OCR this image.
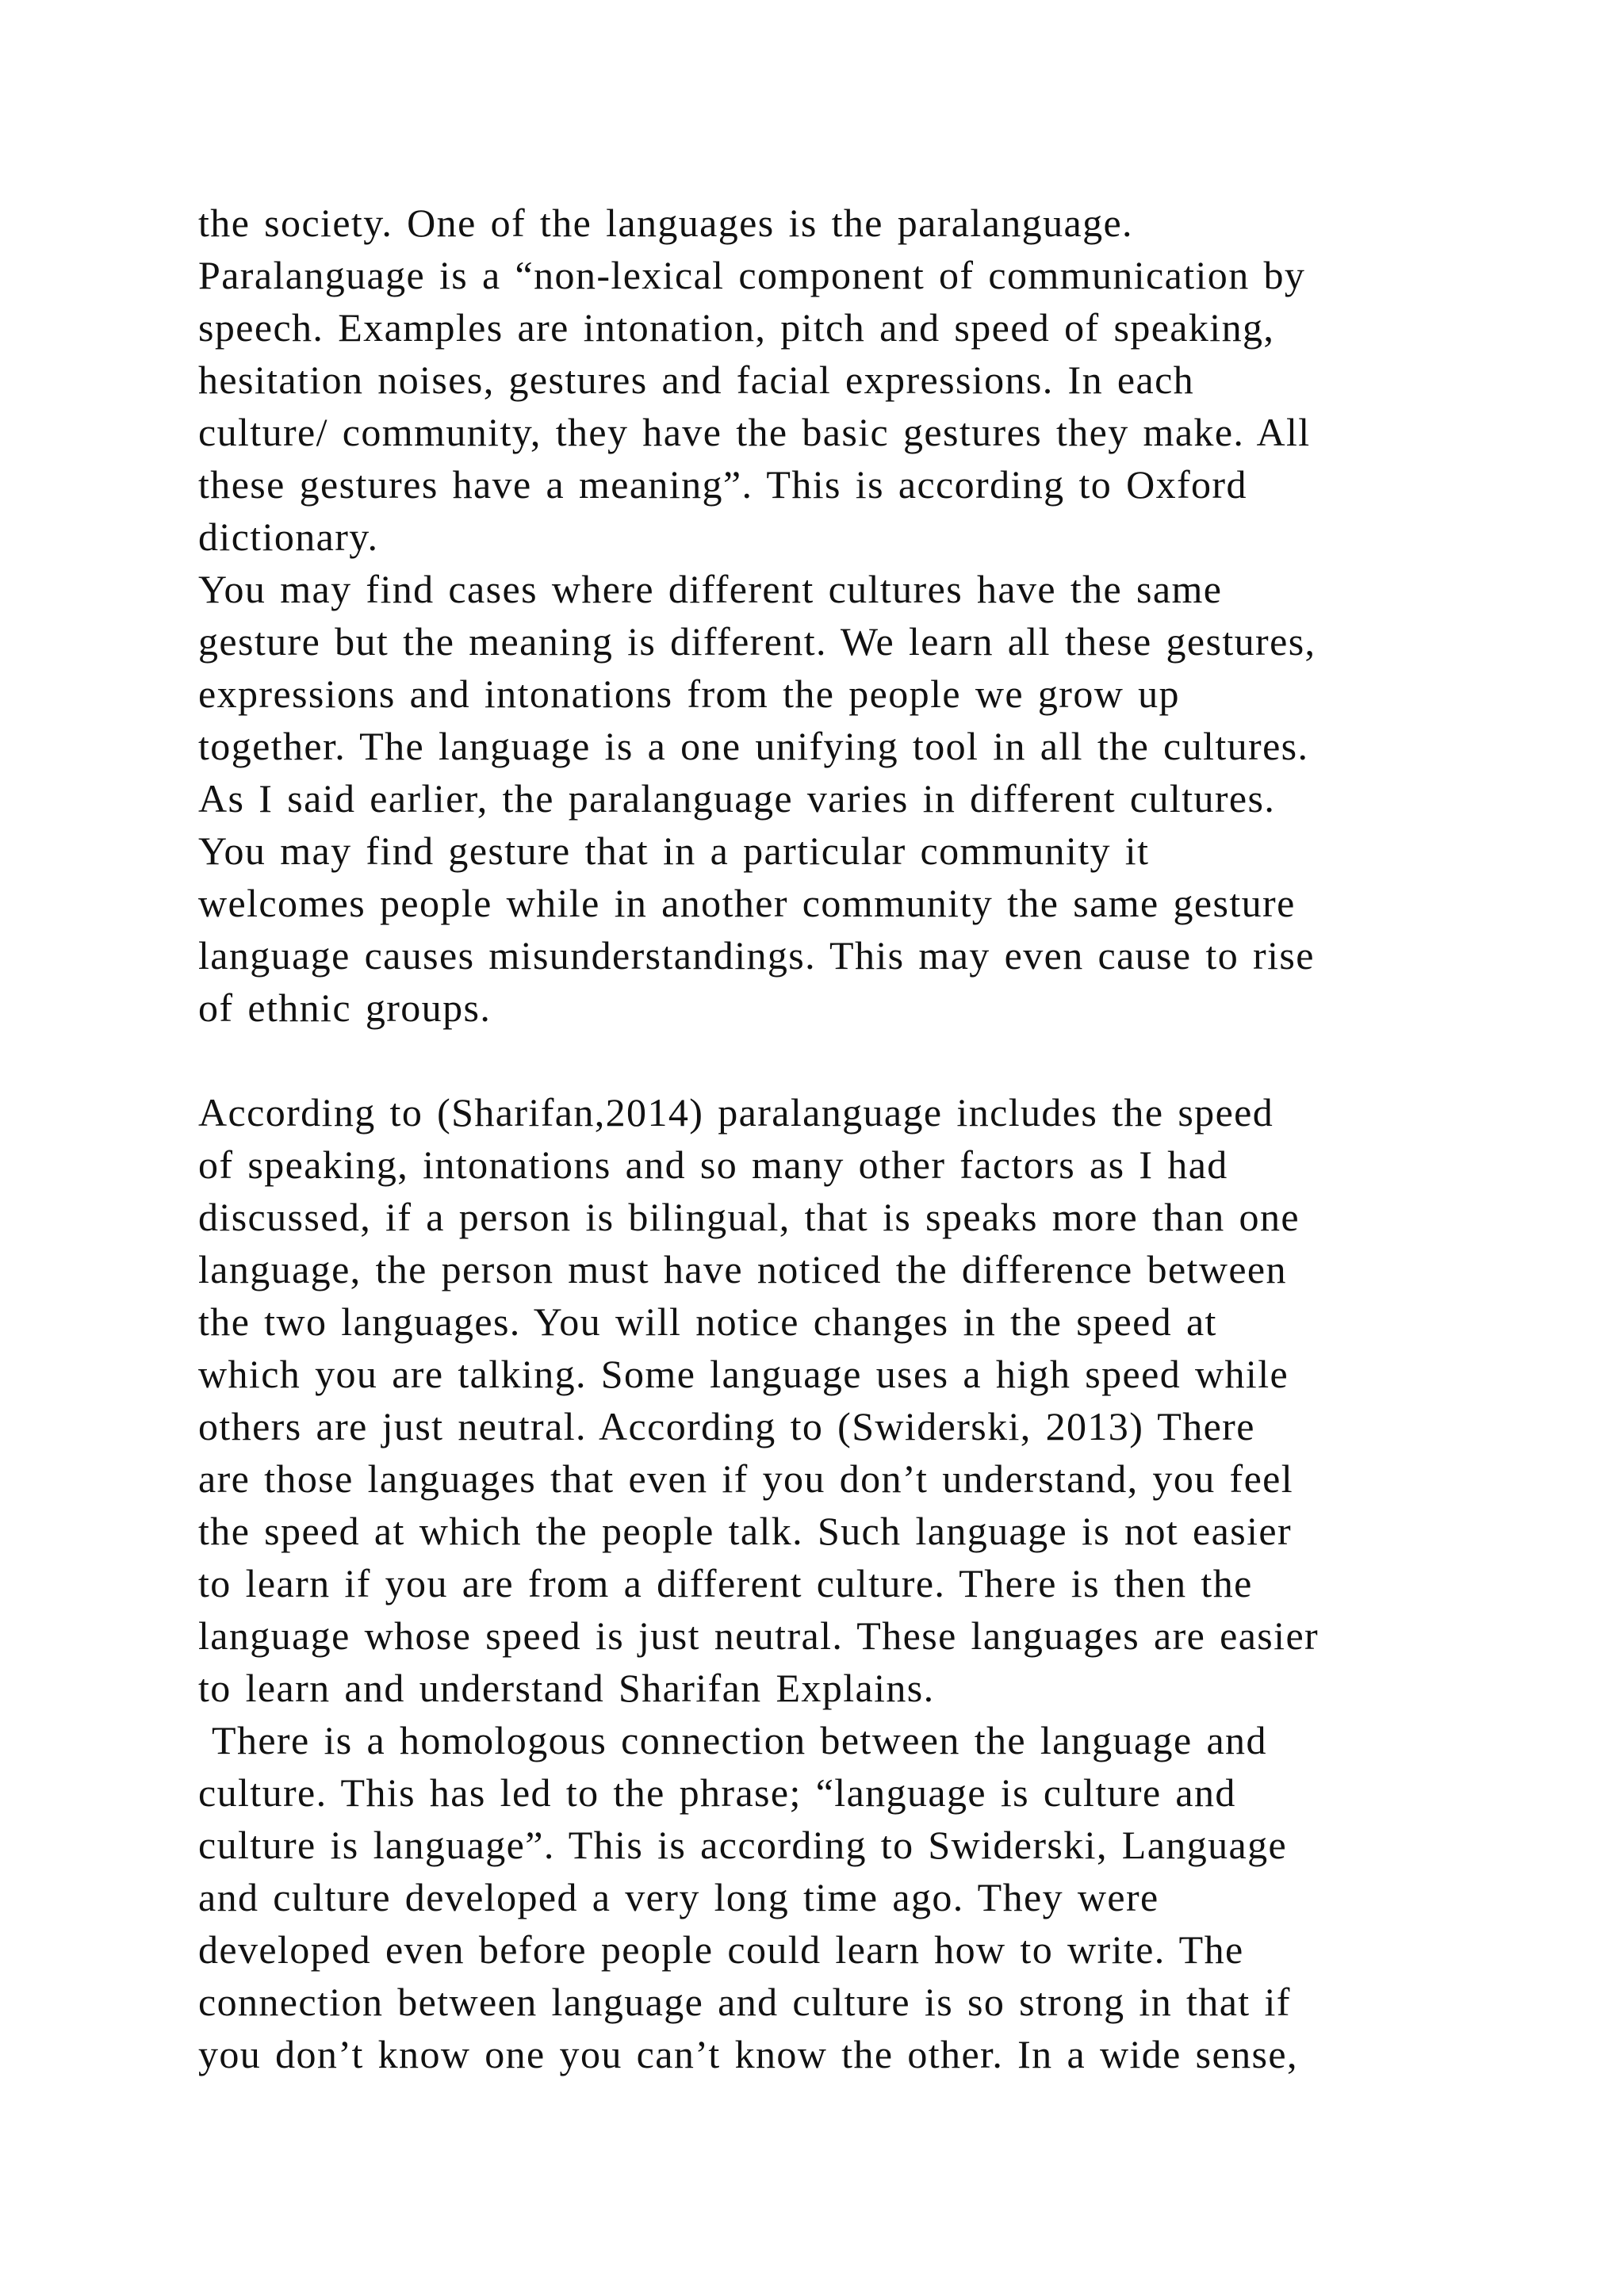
the society. One of the languages is the paralanguage.
Paralanguage is a “non-lexical component of communication by
speech. Examples are intonation, pitch and speed of speaking,
hesitation noises, gestures and facial expressions. In each
culture/ community, they have the basic gestures they make. All
these gestures have a meaning”. This is according to Oxford
dictionary.
You may find cases where different cultures have the same
gesture but the meaning is different. We learn all these gestures,
expressions and intonations from the people we grow up
together. The language is a one unifying tool in all the cultures.
As I said earlier, the paralanguage varies in different cultures.
You may find gesture that in a particular community it
welcomes people while in another community the same gesture
language causes misunderstandings. This may even cause to rise
of ethnic groups.
According to (Sharifan,2014) paralanguage includes the speed
of speaking, intonations and so many other factors as I had
discussed, if a person is bilingual, that is speaks more than one
language, the person must have noticed the difference between
the two languages. You will notice changes in the speed at
which you are talking. Some language uses a high speed while
others are just neutral. According to (Swiderski, 2013) There
are those languages that even if you don’t understand, you feel
the speed at which the people talk. Such language is not easier
to learn if you are from a different culture. There is then the
language whose speed is just neutral. These languages are easier
to learn and understand Sharifan Explains.
There is a homologous connection between the language and
culture. This has led to the phrase; “language is culture and
culture is language”. This is according to Swiderski, Language
and culture developed a very long time ago. They were
developed even before people could learn how to write. The
connection between language and culture is so strong in that if
you don’t know one you can’t know the other. In a wide sense,
